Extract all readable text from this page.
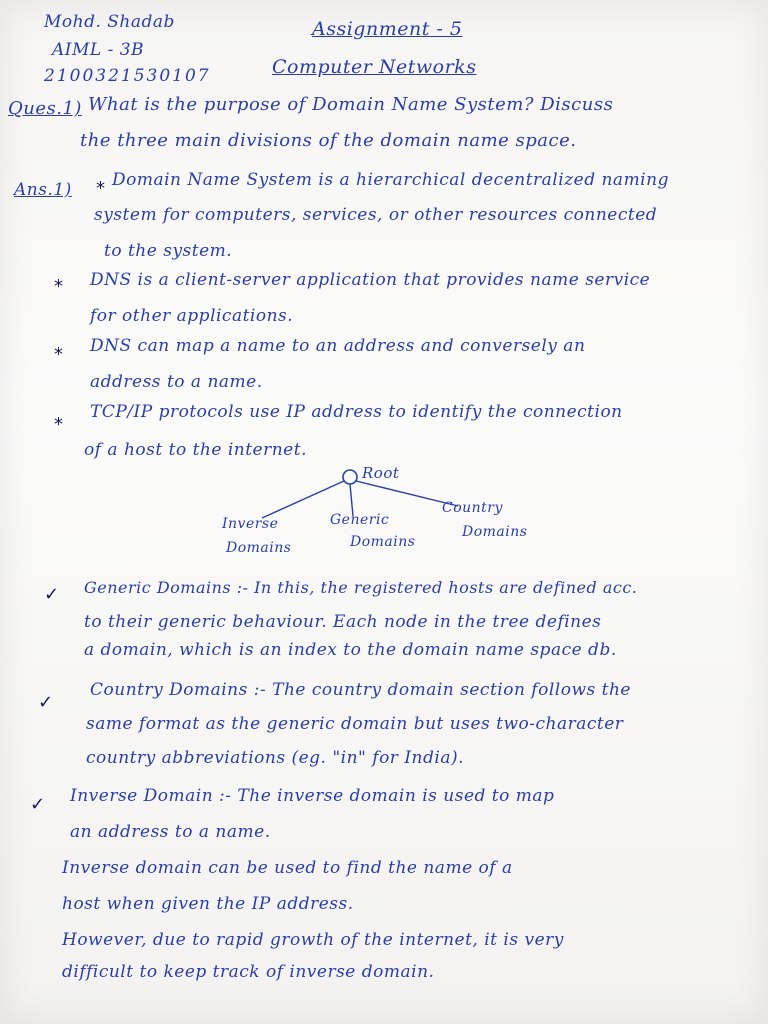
Mohd. Shadab
AIML - 3B
2100321530107
Assignment - 5
Computer Networks
Ques.1) What is the purpose of Domain Name System? Discuss
the three main divisions of the domain name space.
Ans.1) * Domain Name System is a hierarchical decentralized naming
system for computers, services, or other resources connected
to the system.
* DNS is a client-server application that provides name service
for other applications.
* DNS can map a name to an address and conversely an
address to a name.
*
TCP/IP protocols use IP address to identify the connection
of a host to the internet.
Root
Inverse
Domains
Generic
Domains
Country
Domains
✓ Generic Domains :- In this, the registered hosts are defined acc.
to their generic behaviour. Each node in the tree defines
a domain, which is an index to the domain name space db.
✓
Country Domains :- The country domain section follows the
same format as the generic domain but uses two-character
country abbreviations (eg. "in" for India).
✓ Inverse Domain :- The inverse domain is used to map
an address to a name.
Inverse domain can be used to find the name of a
host when given the IP address.
However, due to rapid growth of the internet, it is very
difficult to keep track of inverse domain.
